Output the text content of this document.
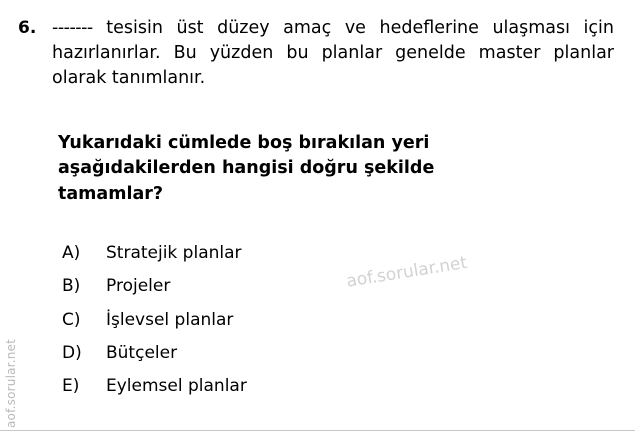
aof.sorular.net
6. ------- tesisin üst düzey amaç ve hedeflerine ulaşması için hazırlanırlar. Bu yüzden bu planlar genelde master planlar olarak tanımlanır.
Yukarıdaki cümlede boş bırakılan yeri
aşağıdakilerden hangisi doğru şekilde
tamamlar?
A)	Stratejik planlar
B)	Projeler
C)	İşlevsel planlar
D)	Bütçeler
E)	Eylemsel planlar
aof.sorular.net
